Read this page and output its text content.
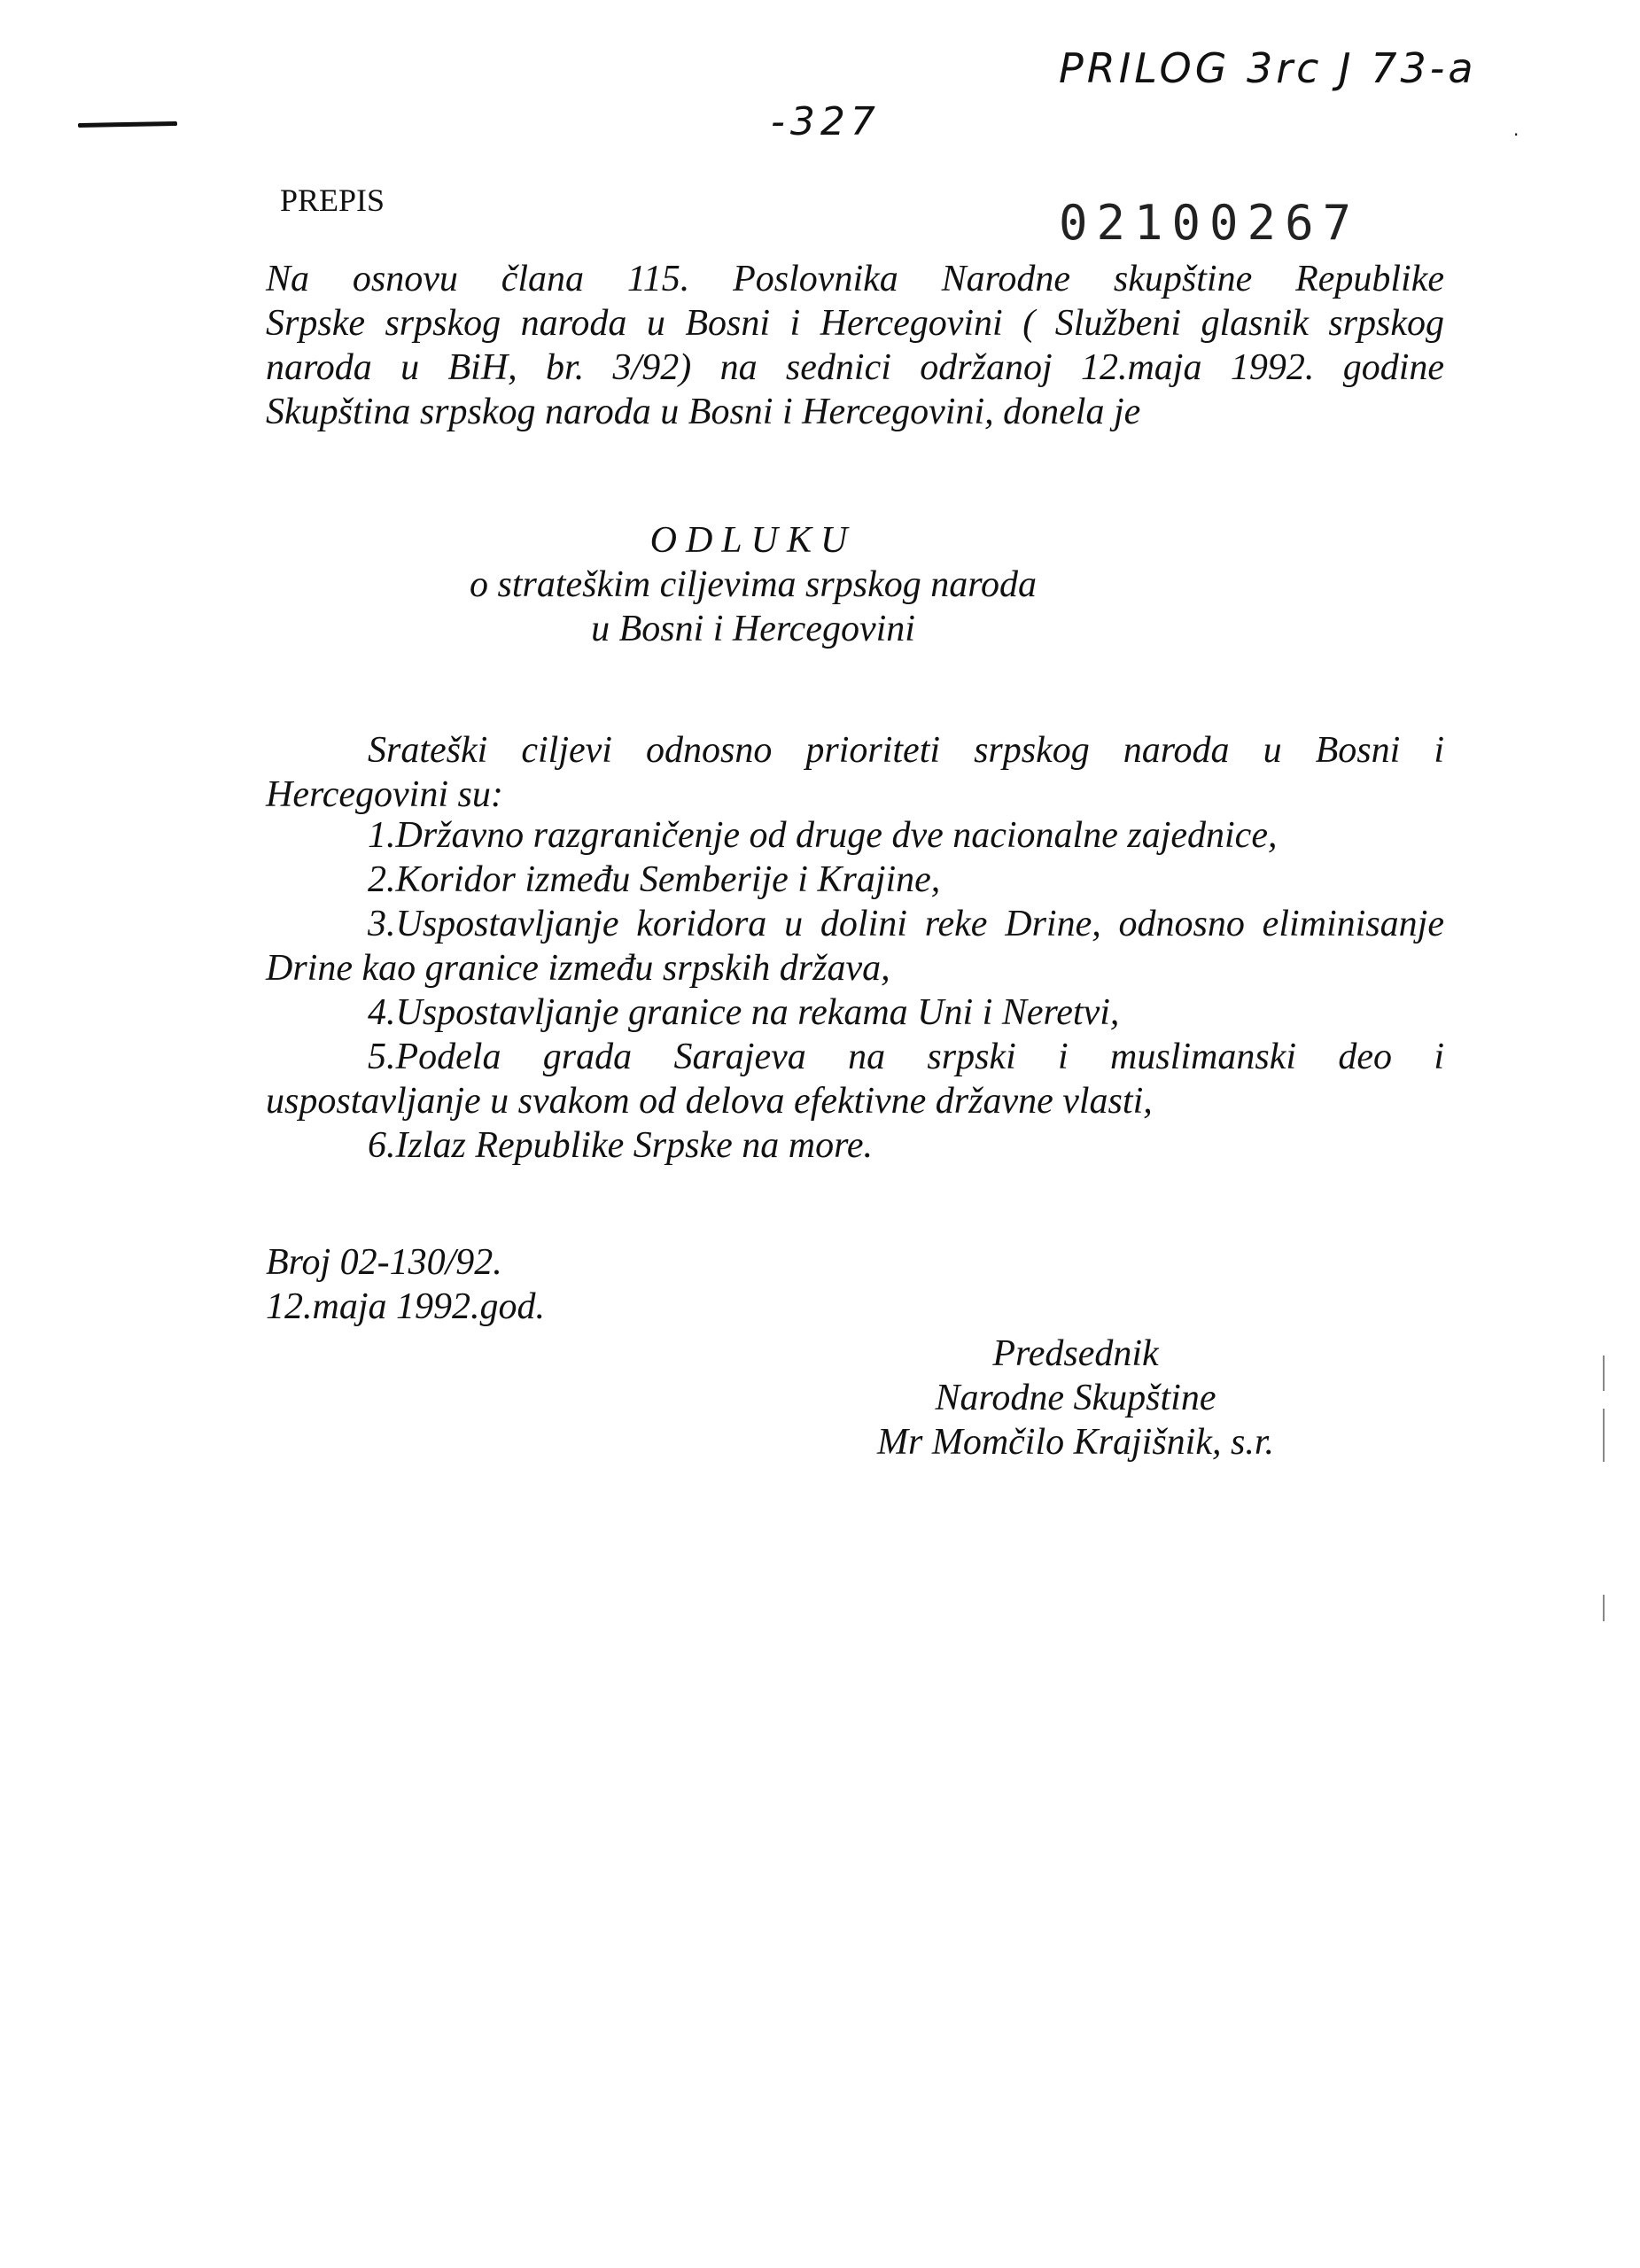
PRILOG 3rc J 73-a
-327	·
PREPIS	02100267
Na osnovu člana 115. Poslovnika Narodne skupštine Republike
Srpske srpskog naroda u Bosni i Hercegovini ( Službeni glasnik srpskog
naroda u BiH, br. 3/92) na sednici održanoj 12.maja 1992. godine
Skupština srpskog naroda u Bosni i Hercegovini, donela je
ODLUKU
o strateškim ciljevima srpskog naroda
u Bosni i Hercegovini
Srateški ciljevi odnosno prioriteti srpskog naroda u Bosni i
Hercegovini su:
1.Državno razgraničenje od druge dve nacionalne zajednice,
2.Koridor između Semberije i Krajine,
3.Uspostavljanje koridora u dolini reke Drine, odnosno eliminisanje
Drine kao granice između srpskih država,
4.Uspostavljanje granice na rekama Uni i Neretvi,
5.Podela grada Sarajeva na srpski i muslimanski deo i
uspostavljanje u svakom od delova efektivne državne vlasti,
6.Izlaz Republike Srpske na more.
Broj 02-130/92.
12.maja 1992.god.
Predsednik
Narodne Skupštine
Mr Momčilo Krajišnik, s.r.
